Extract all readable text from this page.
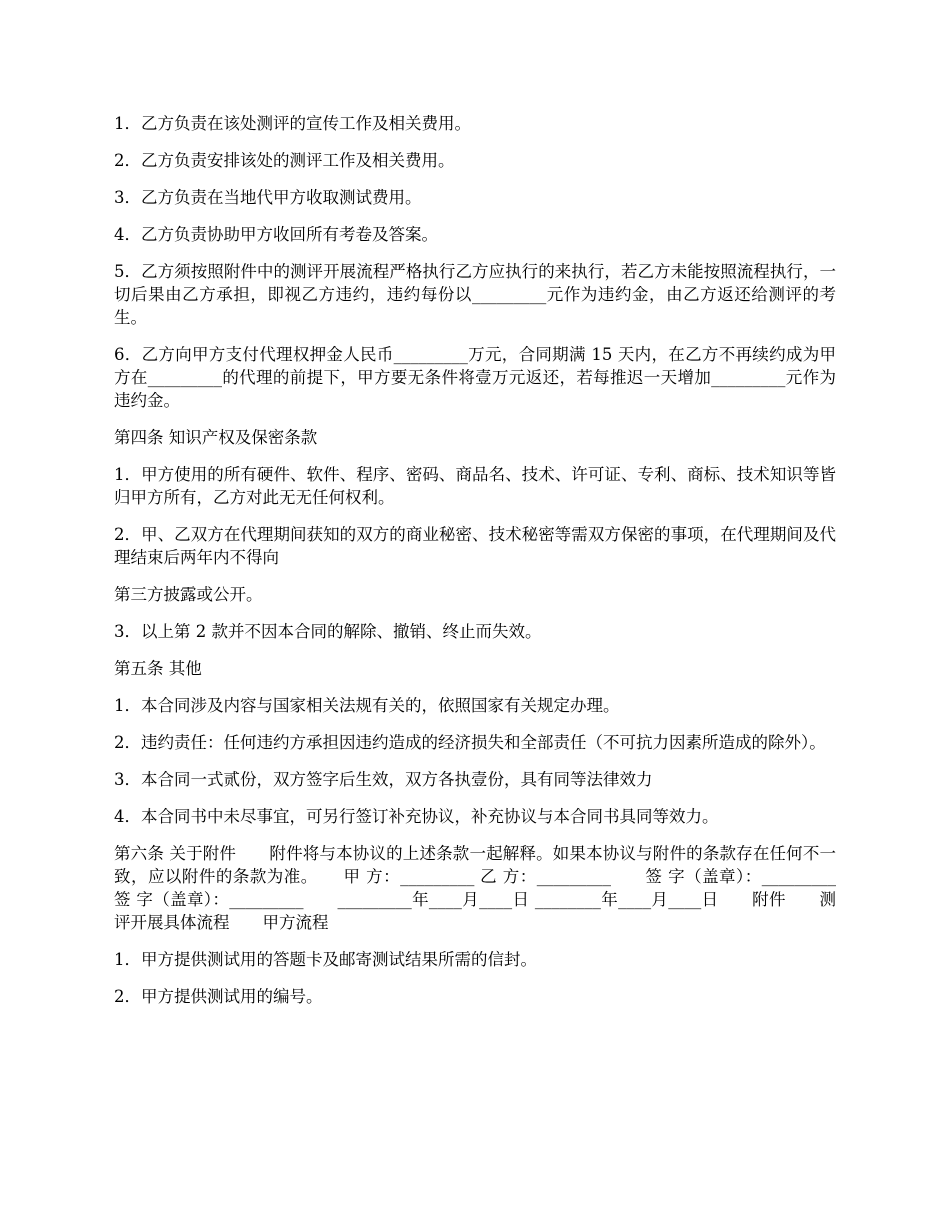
1．乙方负责在该处测评的宣传工作及相关费用。

2．乙方负责安排该处的测评工作及相关费用。

3．乙方负责在当地代甲方收取测试费用。

4．乙方负责协助甲方收回所有考卷及答案。

5．乙方须按照附件中的测评开展流程严格执行乙方应执行的来执行，若乙方未能按照流程执行，一切后果由乙方承担，即视乙方违约，违约每份以_________元作为违约金，由乙方返还给测评的考生。

6．乙方向甲方支付代理权押金人民币_________万元，合同期满 15 天内，在乙方不再续约成为甲方在_________的代理的前提下，甲方要无条件将壹万元返还，若每推迟一天增加_________元作为违约金。

第四条 知识产权及保密条款

1．甲方使用的所有硬件、软件、程序、密码、商品名、技术、许可证、专利、商标、技术知识等皆归甲方所有，乙方对此无无任何权利。

2．甲、乙双方在代理期间获知的双方的商业秘密、技术秘密等需双方保密的事项，在代理期间及代理结束后两年内不得向

第三方披露或公开。

3．以上第 2 款并不因本合同的解除、撤销、终止而失效。

第五条 其他

1．本合同涉及内容与国家相关法规有关的，依照国家有关规定办理。

2．违约责任：任何违约方承担因违约造成的经济损失和全部责任（不可抗力因素所造成的除外）。

3．本合同一式贰份，双方签字后生效，双方各执壹份，具有同等法律效力

4．本合同书中未尽事宜，可另行签订补充协议，补充协议与本合同书具同等效力。

第六条 关于附件　　附件将与本协议的上述条款一起解释。如果本协议与附件的条款存在任何不一致，应以附件的条款为准。　　甲 方：_________ 乙 方：_________　　签 字（盖章）：_________ 签 字（盖章）：_________　　_________年____月____日 ________年____月____日　　附件　　测评开展具体流程　　甲方流程

1．甲方提供测试用的答题卡及邮寄测试结果所需的信封。

2．甲方提供测试用的编号。
